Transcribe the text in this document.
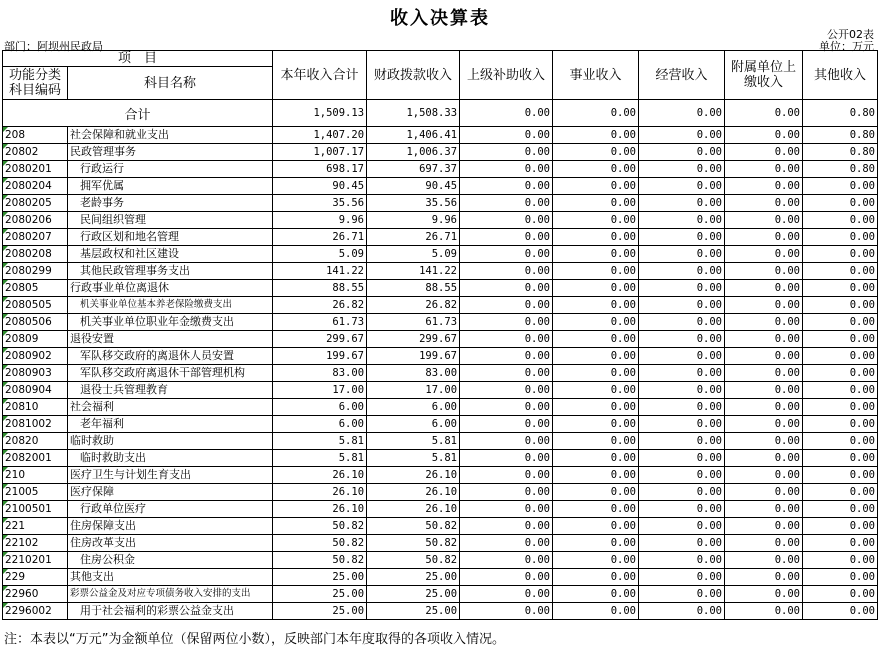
收入决算表
公开02表
部门：阿坝州民政局	单位：万元
项　目		本年收入合计	财政拨款收入	上级补助收入	事业收入	经营收入	附属单位上缴收入	其他收入
功能分类科目编码	科目名称							
合计		1,509.13	1,508.33	0.00	0.00	0.00	0.00	0.80
208	社会保障和就业支出	1,407.20	1,406.41	0.00	0.00	0.00	0.00	0.80
20802	民政管理事务	1,007.17	1,006.37	0.00	0.00	0.00	0.00	0.80
2080201	行政运行	698.17	697.37	0.00	0.00	0.00	0.00	0.80
2080204	拥军优属	90.45	90.45	0.00	0.00	0.00	0.00	0.00
2080205	老龄事务	35.56	35.56	0.00	0.00	0.00	0.00	0.00
2080206	民间组织管理	9.96	9.96	0.00	0.00	0.00	0.00	0.00
2080207	行政区划和地名管理	26.71	26.71	0.00	0.00	0.00	0.00	0.00
2080208	基层政权和社区建设	5.09	5.09	0.00	0.00	0.00	0.00	0.00
2080299	其他民政管理事务支出	141.22	141.22	0.00	0.00	0.00	0.00	0.00
20805	行政事业单位离退休	88.55	88.55	0.00	0.00	0.00	0.00	0.00
2080505	机关事业单位基本养老保险缴费支出	26.82	26.82	0.00	0.00	0.00	0.00	0.00
2080506	机关事业单位职业年金缴费支出	61.73	61.73	0.00	0.00	0.00	0.00	0.00
20809	退役安置	299.67	299.67	0.00	0.00	0.00	0.00	0.00
2080902	军队移交政府的离退休人员安置	199.67	199.67	0.00	0.00	0.00	0.00	0.00
2080903	军队移交政府离退休干部管理机构	83.00	83.00	0.00	0.00	0.00	0.00	0.00
2080904	退役士兵管理教育	17.00	17.00	0.00	0.00	0.00	0.00	0.00
20810	社会福利	6.00	6.00	0.00	0.00	0.00	0.00	0.00
2081002	老年福利	6.00	6.00	0.00	0.00	0.00	0.00	0.00
20820	临时救助	5.81	5.81	0.00	0.00	0.00	0.00	0.00
2082001	临时救助支出	5.81	5.81	0.00	0.00	0.00	0.00	0.00
210	医疗卫生与计划生育支出	26.10	26.10	0.00	0.00	0.00	0.00	0.00
21005	医疗保障	26.10	26.10	0.00	0.00	0.00	0.00	0.00
2100501	行政单位医疗	26.10	26.10	0.00	0.00	0.00	0.00	0.00
221	住房保障支出	50.82	50.82	0.00	0.00	0.00	0.00	0.00
22102	住房改革支出	50.82	50.82	0.00	0.00	0.00	0.00	0.00
2210201	住房公积金	50.82	50.82	0.00	0.00	0.00	0.00	0.00
229	其他支出	25.00	25.00	0.00	0.00	0.00	0.00	0.00
22960	彩票公益金及对应专项债务收入安排的支出	25.00	25.00	0.00	0.00	0.00	0.00	0.00
2296002	用于社会福利的彩票公益金支出	25.00	25.00	0.00	0.00	0.00	0.00	0.00
注：本表以“万元”为金额单位（保留两位小数），反映部门本年度取得的各项收入情况。
